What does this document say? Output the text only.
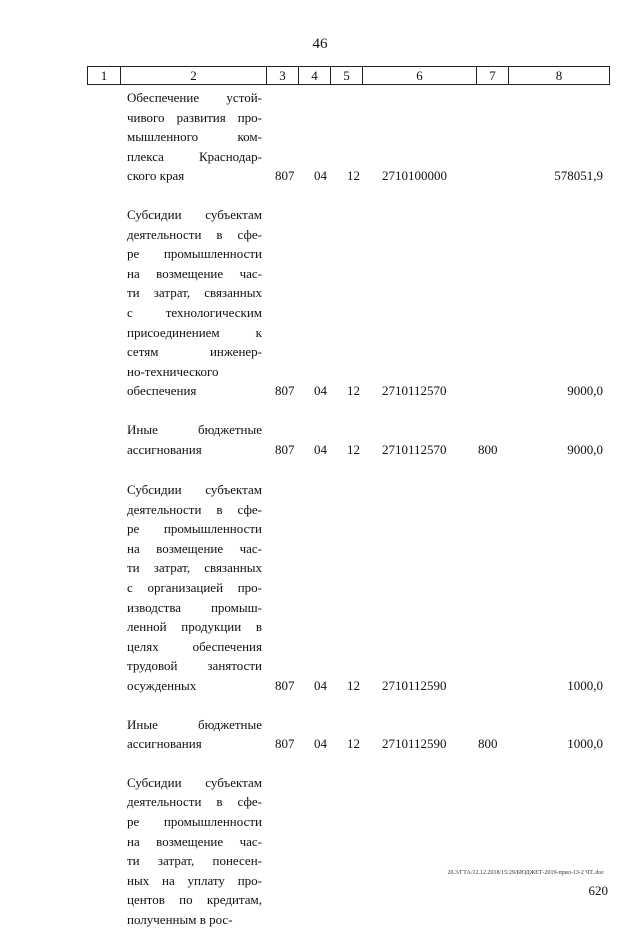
46
1	2	3	4	5	6	7	8
Обеспечение устой-
чивого развития про-
мышленного ком-
плекса Краснодар-
ского края	807 04 12 2710100000	578051,9
Субсидии субъектам
деятельности в сфе-
ре промышленности
на возмещение час-
ти затрат, связанных
с технологическим
присоединением к
сетям инженер-
но-технического
обеспечения	807 04 12 2710112570	9000,0
Иные бюджетные
ассигнования	807 04 12 2710112570 800	9000,0
Субсидии субъектам
деятельности в сфе-
ре промышленности
на возмещение час-
ти затрат, связанных
с организацией про-
изводства промыш-
ленной продукции в
целях обеспечения
трудовой занятости
осужденных	807 04 12 2710112590	1000,0
Иные бюджетные
ассигнования	807 04 12 2710112590 800	1000,0
Субсидии субъектам
деятельности в сфе-
ре промышленности
на возмещение час-
ти затрат, понесен-
ных на уплату про-
центов по кредитам,
полученным в рос-
20.3/ГТА/12.12.2018/15:29/БЮДЖЕТ-2019-прил-13-2 ЧТ..doc
620
